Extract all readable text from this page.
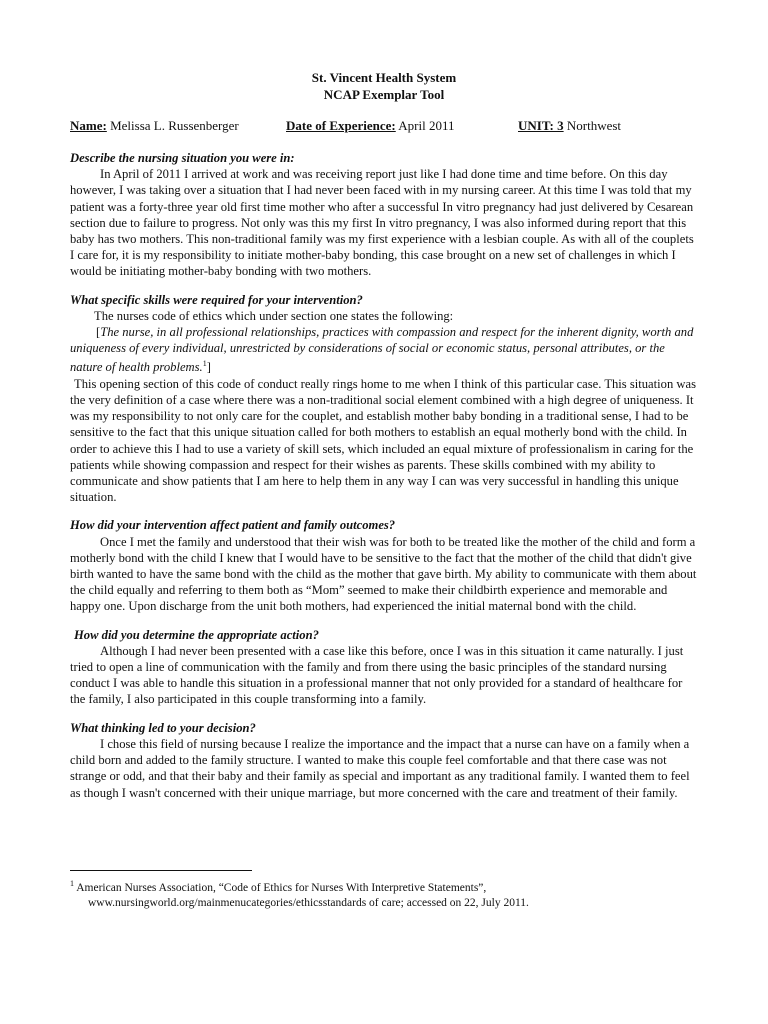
St. Vincent Health System
NCAP Exemplar Tool
Name: Melissa L. Russenberger	Date of Experience: April 2011	UNIT: 3 Northwest
Describe the nursing situation you were in:

In April of 2011 I arrived at work and was receiving report just like I had done time and time before. On this day however, I was taking over a situation that I had never been faced with in my nursing career. At this time I was told that my patient was a forty-three year old first time mother who after a successful In vitro pregnancy had just delivered by Cesarean section due to failure to progress. Not only was this my first In vitro pregnancy, I was also informed during report that this baby has two mothers. This non-traditional family was my first experience with a lesbian couple. As with all of the couplets I care for, it is my responsibility to initiate mother-baby bonding, this case brought on a new set of challenges in which I would be initiating mother-baby bonding with two mothers.

What specific skills were required for your intervention?

The nurses code of ethics which under section one states the following:

[The nurse, in all professional relationships, practices with compassion and respect for the inherent dignity, worth and uniqueness of every individual, unrestricted by considerations of social or economic status, personal attributes, or the nature of health problems.$^1$]

This opening section of this code of conduct really rings home to me when I think of this particular case. This situation was the very definition of a case where there was a non-traditional social element combined with a high degree of uniqueness. It was my responsibility to not only care for the couplet, and establish mother baby bonding in a traditional sense, I had to be sensitive to the fact that this unique situation called for both mothers to establish an equal motherly bond with the child. In order to achieve this I had to use a variety of skill sets, which included an equal mixture of professionalism in caring for the patients while showing compassion and respect for their wishes as parents. These skills combined with my ability to communicate and show patients that I am here to help them in any way I can was very successful in handling this unique situation.

How did your intervention affect patient and family outcomes?

Once I met the family and understood that their wish was for both to be treated like the mother of the child and form a motherly bond with the child I knew that I would have to be sensitive to the fact that the mother of the child that didn't give birth wanted to have the same bond with the child as the mother that gave birth. My ability to communicate with them about the child equally and referring to them both as “Mom” seemed to make their childbirth experience and memorable and happy one. Upon discharge from the unit both mothers, had experienced the initial maternal bond with the child.

How did you determine the appropriate action?

Although I had never been presented with a case like this before, once I was in this situation it came naturally. I just tried to open a line of communication with the family and from there using the basic principles of the standard nursing conduct I was able to handle this situation in a professional manner that not only provided for a standard of healthcare for the family, I also participated in this couple transforming into a family.

What thinking led to your decision?

I chose this field of nursing because I realize the importance and the impact that a nurse can have on a family when a child born and added to the family structure. I wanted to make this couple feel comfortable and that there case was not strange or odd, and that their baby and their family as special and important as any traditional family. I wanted them to feel as though I wasn't concerned with their unique marriage, but more concerned with the care and treatment of their family.

$^1$ American Nurses Association, “Code of Ethics for Nurses With Interpretive Statements”,
www.nursingworld.org/mainmenucategories/ethicsstandards of care; accessed on 22, July 2011.
